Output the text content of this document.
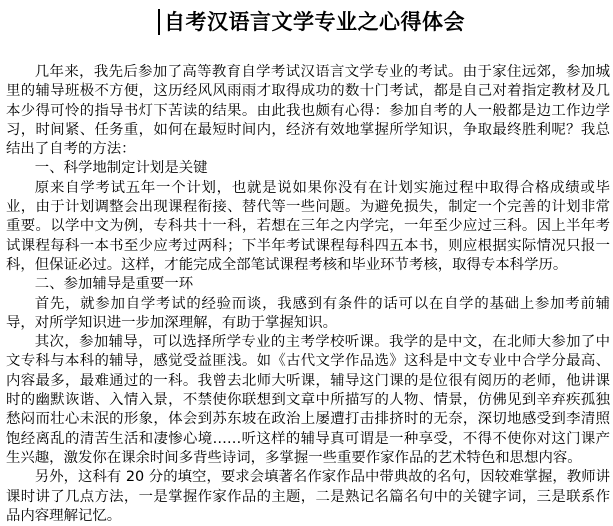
自考汉语言文学专业之心得体会

几年来，我先后参加了高等教育自学考试汉语言文学专业的考试。由于家住远郊，参加城里的辅导班极不方便，这历经风风雨雨才取得成功的数十门考试，都是自己对着指定教材及几本少得可怜的指导书灯下苦读的结果。由此我也颇有心得：参加自考的人一般都是边工作边学习，时间紧、任务重，如何在最短时间内，经济有效地掌握所学知识，争取最终胜利呢？我总结出了自考的方法：

一、科学地制定计划是关键

原来自学考试五年一个计划，也就是说如果你没有在计划实施过程中取得合格成绩或毕业，由于计划调整会出现课程衔接、替代等一些问题。为避免损失，制定一个完善的计划非常重要。以学中文为例，专科共十一科，若想在三年之内学完，一年至少应过三科。因上半年考试课程每科一本书至少应考过两科；下半年考试课程每科四五本书，则应根据实际情况只报一科，但保证必过。这样，才能完成全部笔试课程考核和毕业环节考核，取得专本科学历。

二、参加辅导是重要一环

首先，就参加自学考试的经验而谈，我感到有条件的话可以在自学的基础上参加考前辅导，对所学知识进一步加深理解，有助于掌握知识。

其次，参加辅导，可以选择所学专业的主考学校听课。我学的是中文，在北师大参加了中文专科与本科的辅导，感觉受益匪浅。如《古代文学作品选》这科是中文专业中合学分最高、内容最多，最难通过的一科。我曾去北师大听课，辅导这门课的是位很有阅历的老师，他讲课时的幽默诙谐、入情入景，不禁使你联想到文章中所描写的人物、情景，仿佛见到辛弃疾孤独愁闷而壮心未泯的形象，体会到苏东坡在政治上屡遭打击排挤时的无奈，深切地感受到李清照饱经离乱的清苦生活和凄惨心境……听这样的辅导真可谓是一种享受，不得不使你对这门课产生兴趣，激发你在课余时间多背些诗词，多掌握一些重要作家作品的艺术特色和思想内容。

另外，这科有 20 分的填空，要求会填著名作家作品中带典故的名句，因较难掌握，教师讲课时讲了几点方法，一是掌握作家作品的主题，二是熟记名篇名句中的关键字词，三是联系作品内容理解记忆。
